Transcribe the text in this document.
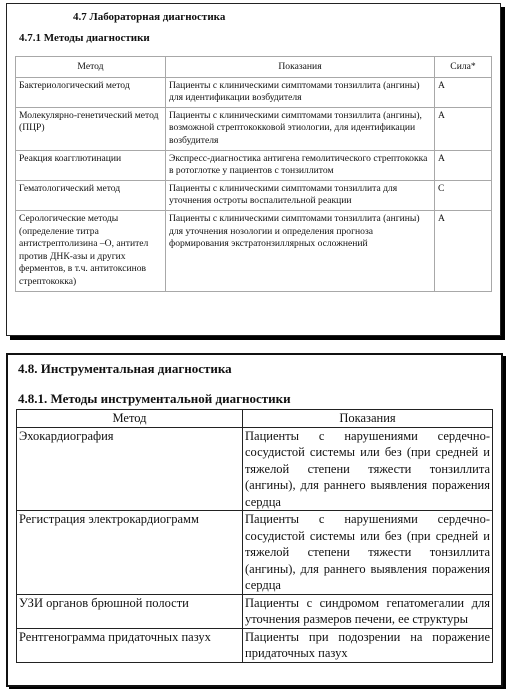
4.7 Лабораторная диагностика
4.7.1 Методы диагностики
Метод	Показания	Сила*
Бактериологический метод	Пациенты с клиническими симптомами тонзиллита (ангины) для идентификации возбудителя	A
Молекулярно-генетический метод (ПЦР)	Пациенты с клиническими симптомами тонзиллита (ангины), возможной стрептококковой этиологии, для идентификации возбудителя	A
Реакция коагглютинации	Экспресс-диагностика антигена гемолитического стрептококка в ротоглотке у пациентов с тонзиллитом	A
Гематологический метод	Пациенты с клиническими симптомами тонзиллита для уточнения остроты воспалительной реакции	C
Серологические методы (определение титра антистрептолизина –О, антител против ДНК-азы и других ферментов, в т.ч. антитоксинов стрептококка)	Пациенты с клиническими симптомами тонзиллита (ангины) для уточнения нозологии и определения прогноза формирования экстратонзиллярных осложнений	A
4.8. Инструментальная диагностика
4.8.1. Методы инструментальной диагностики
Метод	Показания
Эхокардиография	Пациенты с нарушениями сердечно-сосудистой системы или без (при средней и тяжелой степени тяжести тонзиллита (ангины), для раннего выявления поражения сердца
Регистрация электрокардиограмм	Пациенты с нарушениями сердечно-сосудистой системы или без (при средней и тяжелой степени тяжести тонзиллита (ангины), для раннего выявления поражения сердца
УЗИ органов брюшной полости	Пациенты с синдромом гепатомегалии для уточнения размеров печени, ее структуры
Рентгенограмма придаточных пазух	Пациенты при подозрении на поражение придаточных пазух
